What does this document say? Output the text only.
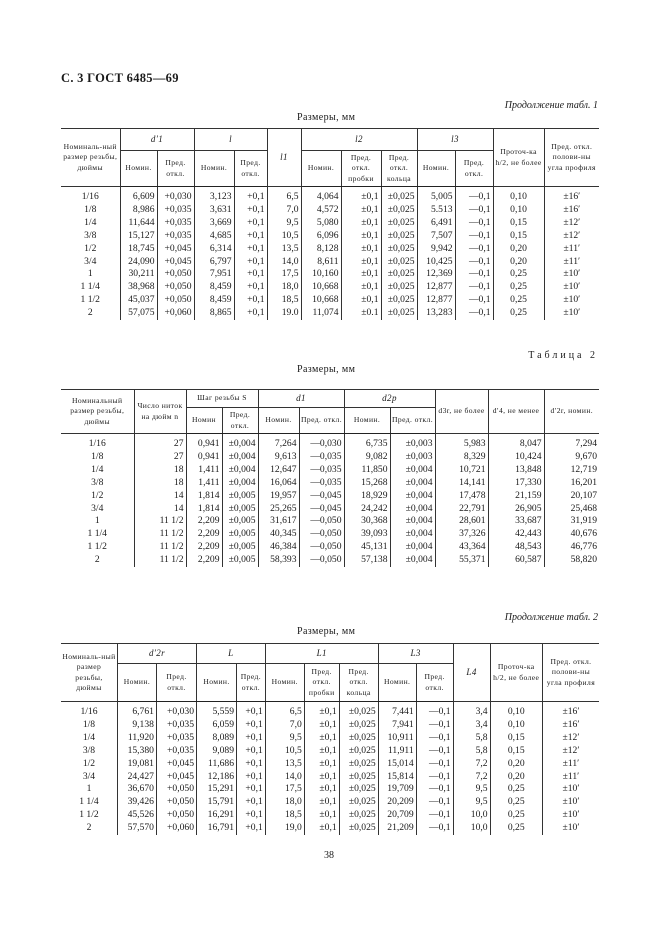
С. 3 ГОСТ 6485—69
Продолжение табл. 1
Размеры, мм
Номиналь-ный размер резьбы, дюймы	d′1		l		l1	l2			l3		Проточ-ка h/2, не более	Пред. откл. полови-ны угла профиля
	Номин.	Пред. откл.	Номин.	Пред. откл.		Номин.	Пред. откл. пробки	Пред. откл. кольца	Номин.	Пред. откл.		
1/16	6,609	+0,030	3,123	+0,1	6,5	4,064	±0,1	±0,025	5,005	—0,1	0,10	±16′
1/8	8,986	+0,035	3,631	+0,1	7,0	4,572	±0,1	±0,025	5.513	—0,1	0,10	±16′
1/4	11,644	+0,035	3,669	+0,1	9,5	5,080	±0,1	±0,025	6,491	—0,1	0,15	±12′
3/8	15,127	+0,035	4,685	+0,1	10,5	6,096	±0,1	±0,025	7,507	—0,1	0,15	±12′
1/2	18,745	+0,045	6,314	+0,1	13,5	8,128	±0,1	±0,025	9,942	—0,1	0,20	±11′
3/4	24,090	+0,045	6,797	+0,1	14,0	8,611	±0,1	±0,025	10,425	—0,1	0,20	±11′
1	30,211	+0,050	7,951	+0,1	17,5	10,160	±0,1	±0,025	12,369	—0,1	0,25	±10′
1 1/4	38,968	+0,050	8,459	+0,1	18,0	10,668	±0,1	±0,025	12,877	—0,1	0,25	±10′
1 1/2	45,037	+0,050	8,459	+0,1	18,5	10,668	±0,1	±0,025	12,877	—0,1	0,25	±10′
2	57,075	+0,060	8,865	+0,1	19.0	11,074	±0.1	±0,025	13,283	—0,1	0,25	±10′
Таблица 2
Размеры, мм
Номинальный размер резьбы, дюймы	Число ниток на дюйм n	Шаг резьбы S		d1		d2р		d3r, не более	d′4, не менее	d′2r, номин.
		Номин	Пред. откл.	Номин.	Пред. откл.	Номин.	Пред. откл.			
1/16	27	0,941	±0,004	7,264	—0,030	6,735	±0,003	5,983	8,047	7,294
1/8	27	0,941	±0,004	9,613	—0,035	9,082	±0,003	8,329	10,424	9,670
1/4	18	1,411	±0,004	12,647	—0,035	11,850	±0,004	10,721	13,848	12,719
3/8	18	1,411	±0,004	16,064	—0,035	15,268	±0,004	14,141	17,330	16,201
1/2	14	1,814	±0,005	19,957	—0,045	18,929	±0,004	17,478	21,159	20,107
3/4	14	1,814	±0,005	25,265	—0,045	24,242	±0,004	22,791	26,905	25,468
1	11 1/2	2,209	±0,005	31,617	—0,050	30,368	±0,004	28,601	33,687	31,919
1 1/4	11 1/2	2,209	±0,005	40,345	—0,050	39,093	±0,004	37,326	42,443	40,676
1 1/2	11 1/2	2,209	±0,005	46,384	—0,050	45,131	±0,004	43,364	48,543	46,776
2	11 1/2	2,209	±0,005	58,393	—0,050	57,138	±0,004	55,371	60,587	58,820
Продолжение табл. 2
Размеры, мм
Номиналь-ный размер резьбы, дюймы	d′2r		L		L1			L3		L4	Проточ-ка h/2, не более	Пред. откл. полови-ны угла профиля
	Номин.	Пред. откл.	Номин.	Пред. откл.	Номин.	Пред. откл. пробки	Пред. откл. кольца	Номин.	Пред. откл.			
1/16	6,761	+0,030	5,559	+0,1	6,5	±0,1	±0,025	7,441	—0,1	3,4	0,10	±16′
1/8	9,138	+0,035	6,059	+0,1	7,0	±0,1	±0,025	7,941	—0,1	3,4	0,10	±16′
1/4	11,920	+0,035	8,089	+0,1	9,5	±0,1	±0,025	10,911	—0,1	5,8	0,15	±12′
3/8	15,380	+0,035	9,089	+0,1	10,5	±0,1	±0,025	11,911	—0,1	5,8	0,15	±12′
1/2	19,081	+0,045	11,686	+0,1	13,5	±0,1	±0,025	15,014	—0,1	7,2	0,20	±11′
3/4	24,427	+0,045	12,186	+0,1	14,0	±0,1	±0,025	15,814	—0,1	7,2	0,20	±11′
1	36,670	+0,050	15,291	+0,1	17,5	±0,1	±0,025	19,709	—0,1	9,5	0,25	±10′
1 1/4	39,426	+0,050	15,791	+0,1	18,0	±0,1	±0,025	20,209	—0,1	9,5	0,25	±10′
1 1/2	45,526	+0,050	16,291	+0,1	18,5	±0,1	±0,025	20,709	—0,1	10,0	0,25	±10′
2	57,570	+0,060	16,791	+0,1	19,0	±0,1	±0,025	21,209	—0,1	10,0	0,25	±10′
38
